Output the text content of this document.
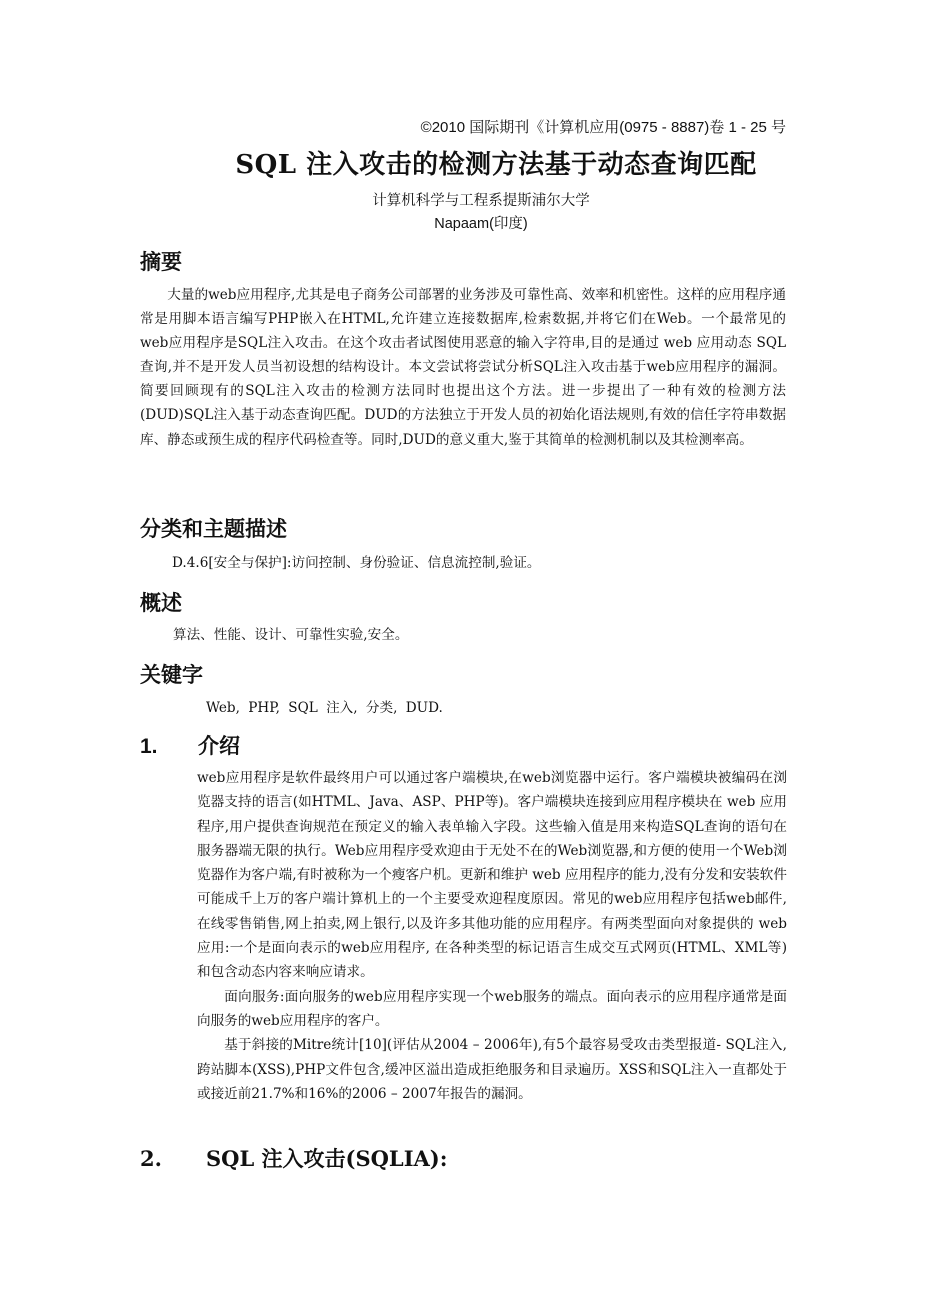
©2010 国际期刊《计算机应用(0975 - 8887)卷 1 - 25 号
SQL 注入攻击的检测方法基于动态查询匹配
计算机科学与工程系提斯浦尔大学
Napaam(印度)
摘要

大量的web应用程序,尤其是电子商务公司部署的业务涉及可靠性高、效率和机密性。这样的应用程序通常是用脚本语言编写PHP嵌入在HTML,允许建立连接数据库,检索数据,并将它们在Web。一个最常见的web应用程序是SQL注入攻击。在这个攻击者试图使用恶意的输入字符串,目的是通过 web 应用动态 SQL 查询,并不是开发人员当初设想的结构设计。本文尝试将尝试分析SQL注入攻击基于web应用程序的漏洞。简要回顾现有的SQL注入攻击的检测方法同时也提出这个方法。进一步提出了一种有效的检测方法(DUD)SQL注入基于动态查询匹配。DUD的方法独立于开发人员的初始化语法规则,有效的信任字符串数据库、静态或预生成的程序代码检查等。同时,DUD的意义重大,鉴于其简单的检测机制以及其检测率高。

分类和主题描述

D.4.6[安全与保护]:访问控制、身份验证、信息流控制,验证。

概述

算法、性能、设计、可靠性实验,安全。

关键字

Web, PHP, SQL 注入, 分类, DUD.

1. 介绍

web应用程序是软件最终用户可以通过客户端模块,在web浏览器中运行。客户端模块被编码在浏览器支持的语言(如HTML、Java、ASP、PHP等)。客户端模块连接到应用程序模块在 web 应用程序,用户提供查询规范在预定义的输入表单输入字段。这些输入值是用来构造SQL查询的语句在服务器端无限的执行。Web应用程序受欢迎由于无处不在的Web浏览器,和方便的使用一个Web浏览器作为客户端,有时被称为一个瘦客户机。更新和维护 web 应用程序的能力,没有分发和安装软件可能成千上万的客户端计算机上的一个主要受欢迎程度原因。常见的web应用程序包括web邮件,在线零售销售,网上拍卖,网上银行,以及许多其他功能的应用程序。有两类型面向对象提供的 web 应用:一个是面向表示的web应用程序, 在各种类型的标记语言生成交互式网页(HTML、XML等)和包含动态内容来响应请求。

面向服务:面向服务的web应用程序实现一个web服务的端点。面向表示的应用程序通常是面向服务的web应用程序的客户。

基于斜接的Mitre统计[10](评估从2004 – 2006年),有5个最容易受攻击类型报道- SQL注入,跨站脚本(XSS),PHP文件包含,缓冲区溢出造成拒绝服务和目录遍历。XSS和SQL注入一直都处于或接近前21.7%和16%的2006 – 2007年报告的漏洞。

2. SQL 注入攻击(SQLIA):
